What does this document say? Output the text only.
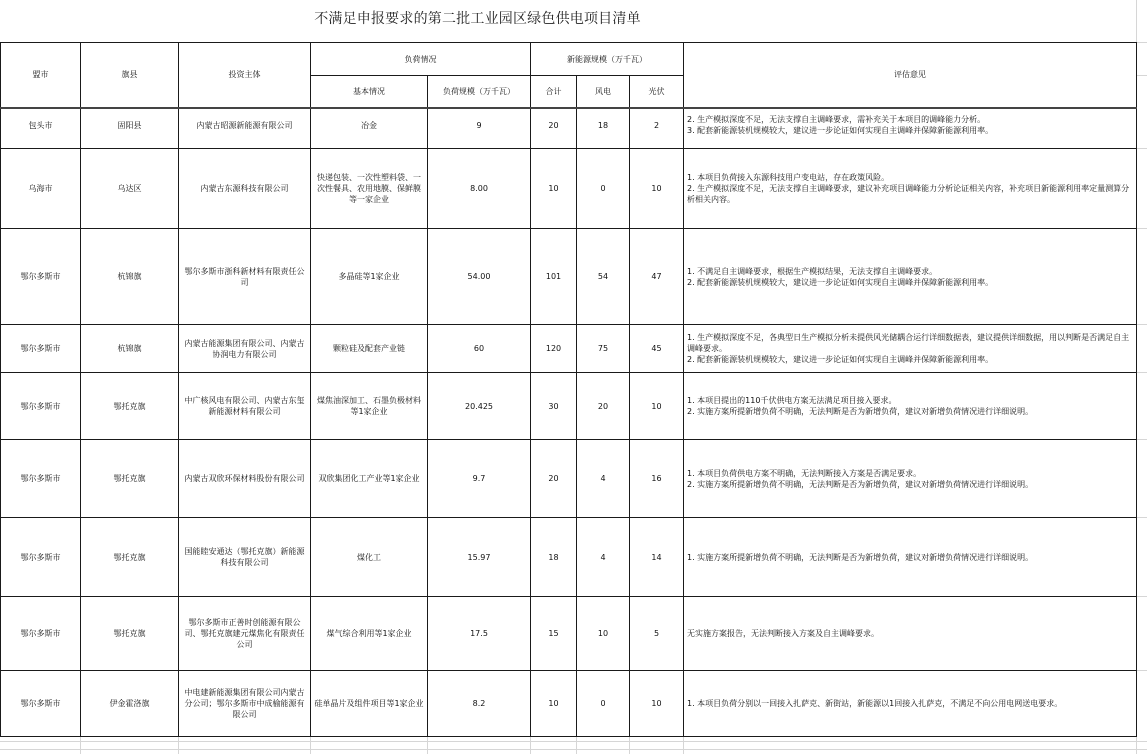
不满足申报要求的第二批工业园区绿色供电项目清单
盟市	旗县	投资主体	负荷情况		新能源规模（万千瓦）			评估意见
			基本情况	负荷规模（万千瓦）	合计	风电	光伏	

包头市	固阳县	内蒙古昭源新能源有限公司	冶金	9	20	18	2	2. 生产模拟深度不足，无法支撑自主调峰要求，需补充关于本项目的调峰能力分析。
3. 配套新能源装机规模较大，建议进一步论证如何实现自主调峰并保障新能源利用率。

乌海市	乌达区	内蒙古东源科技有限公司	快递包装、一次性塑料袋、一次性餐具、农用地膜、保鲜膜等一家企业	8.00	10	0	10	1. 本项目负荷接入东源科技用户变电站，存在政策风险。
2. 生产模拟深度不足，无法支撑自主调峰要求，建议补充项目调峰能力分析论证相关内容，补充项目新能源利用率定量测算分析相关内容。

鄂尔多斯市	杭锦旗	鄂尔多斯市浙科新材料有限责任公司	多晶硅等1家企业	54.00	101	54	47	1. 不满足自主调峰要求，根据生产模拟结果，无法支撑自主调峰要求。
2. 配套新能源装机规模较大，建议进一步论证如何实现自主调峰并保障新能源利用率。

鄂尔多斯市	杭锦旗	内蒙古能源集团有限公司、内蒙古协润电力有限公司	颗粒硅及配套产业链	60	120	75	45	1. 生产模拟深度不足，各典型日生产模拟分析未提供风光储耦合运行详细数据表，建议提供详细数据，用以判断是否满足自主调峰要求。
2. 配套新能源装机规模较大，建议进一步论证如何实现自主调峰并保障新能源利用率。

鄂尔多斯市	鄂托克旗	中广核风电有限公司、内蒙古东玺新能源材料有限公司	煤焦油深加工、石墨负极材料等1家企业	20.425	30	20	10	1. 本项目提出的110千伏供电方案无法满足项目接入要求。
2. 实施方案所提新增负荷不明确，无法判断是否为新增负荷，建议对新增负荷情况进行详细说明。

鄂尔多斯市	鄂托克旗	内蒙古双欣环保材料股份有限公司	双欣集团化工产业等1家企业	9.7	20	4	16	1. 本项目负荷供电方案不明确，无法判断接入方案是否满足要求。
2. 实施方案所提新增负荷不明确，无法判断是否为新增负荷，建议对新增负荷情况进行详细说明。

鄂尔多斯市	鄂托克旗	国能睦安通达（鄂托克旗）新能源科技有限公司	煤化工	15.97	18	4	14	1. 实施方案所提新增负荷不明确，无法判断是否为新增负荷，建议对新增负荷情况进行详细说明。

鄂尔多斯市	鄂托克旗	鄂尔多斯市正善时创能源有限公司、鄂托克旗建元煤焦化有限责任公司	煤气综合利用等1家企业	17.5	15	10	5	无实施方案报告，无法判断接入方案及自主调峰要求。

鄂尔多斯市	伊金霍洛旗	中电建新能源集团有限公司内蒙古分公司；鄂尔多斯市中成榆能源有限公司	硅单晶片及组件项目等1家企业	8.2	10	0	10	1. 本项目负荷分别以一回接入扎萨克、新街站，新能源以1回接入扎萨克，不满足不向公用电网送电要求。
